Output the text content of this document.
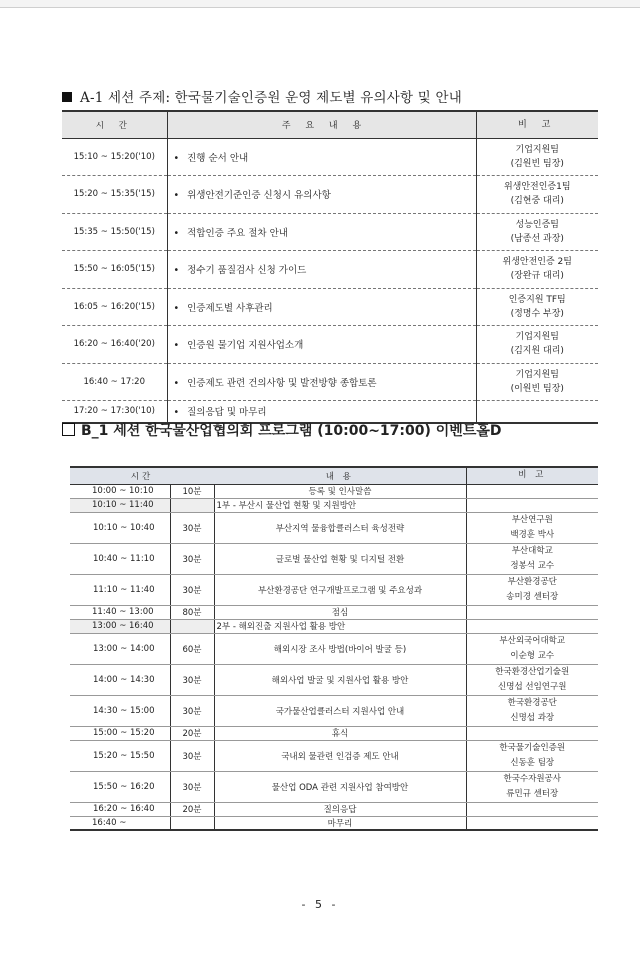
A-1 세션 주제: 한국물기술인증원 운영 제도별 유의사항 및 안내
시 간	주 요 내 용	비 고
15:10 ~ 15:20('10)	• 진행 순서 안내	기업지원팀
(김원빈 팀장)

15:20 ~ 15:35('15)	• 위생안전기준인증 신청시 유의사항	위생안전인증1팀
(김현중 대리)

15:35 ~ 15:50('15)	• 적합인증 주요 절차 안내	성능인증팀
(남종선 과장)

15:50 ~ 16:05('15)	• 정수기 품질검사 신청 가이드	위생안전인증 2팀
(장완규 대리)

16:05 ~ 16:20('15)	• 인증제도별 사후관리	인증지원 TF팀
(정명수 부장)

16:20 ~ 16:40('20)	• 인증원 물기업 지원사업소개	기업지원팀
(김지원 대리)

16:40 ~ 17:20	• 인증제도 관련 건의사항 및 발전방향 종합토론	기업지원팀
(이원빈 팀장)

17:20 ~ 17:30('10)	• 질의응답 및 마무리	
B_1 세션 한국물산업협의회 프로그램 (10:00~17:00) 이벤트홀D
시간		내 용	비 고
10:00 ~ 10:10	10분	등록 및 인사말씀	

10:10 ~ 11:40		1부 - 부산시 물산업 현황 및 지원방안	

10:10 ~ 10:40	30분	부산지역 물융합클러스터 육성전략	부산연구원
백경훈 박사

10:40 ~ 11:10	30분	글로벌 물산업 현황 및 디지털 전환	부산대학교
정봉석 교수

11:10 ~ 11:40	30분	부산환경공단 연구개발프로그램 및 주요성과	부산환경공단
송미경 센터장

11:40 ~ 13:00	80분	점심	

13:00 ~ 16:40		2부 - 해외진출 지원사업 활용 방안	

13:00 ~ 14:00	60분	해외시장 조사 방법(바이어 발굴 등)	부산외국어대학교
이순형 교수

14:00 ~ 14:30	30분	해외사업 발굴 및 지원사업 활용 방안	한국환경산업기술원
신명섭 선임연구원

14:30 ~ 15:00	30분	국가물산업클러스터 지원사업 안내	한국환경공단
신명섭 과장

15:00 ~ 15:20	20분	휴식	

15:20 ~ 15:50	30분	국내외 물관련 인검증 제도 안내	한국물기술인증원
신동훈 팀장

15:50 ~ 16:20	30분	물산업 ODA 관련 지원사업 참여방안	한국수자원공사
류민규 센터장

16:20 ~ 16:40	20분	질의응답	

16:40 ~		마무리	
- 5 -
